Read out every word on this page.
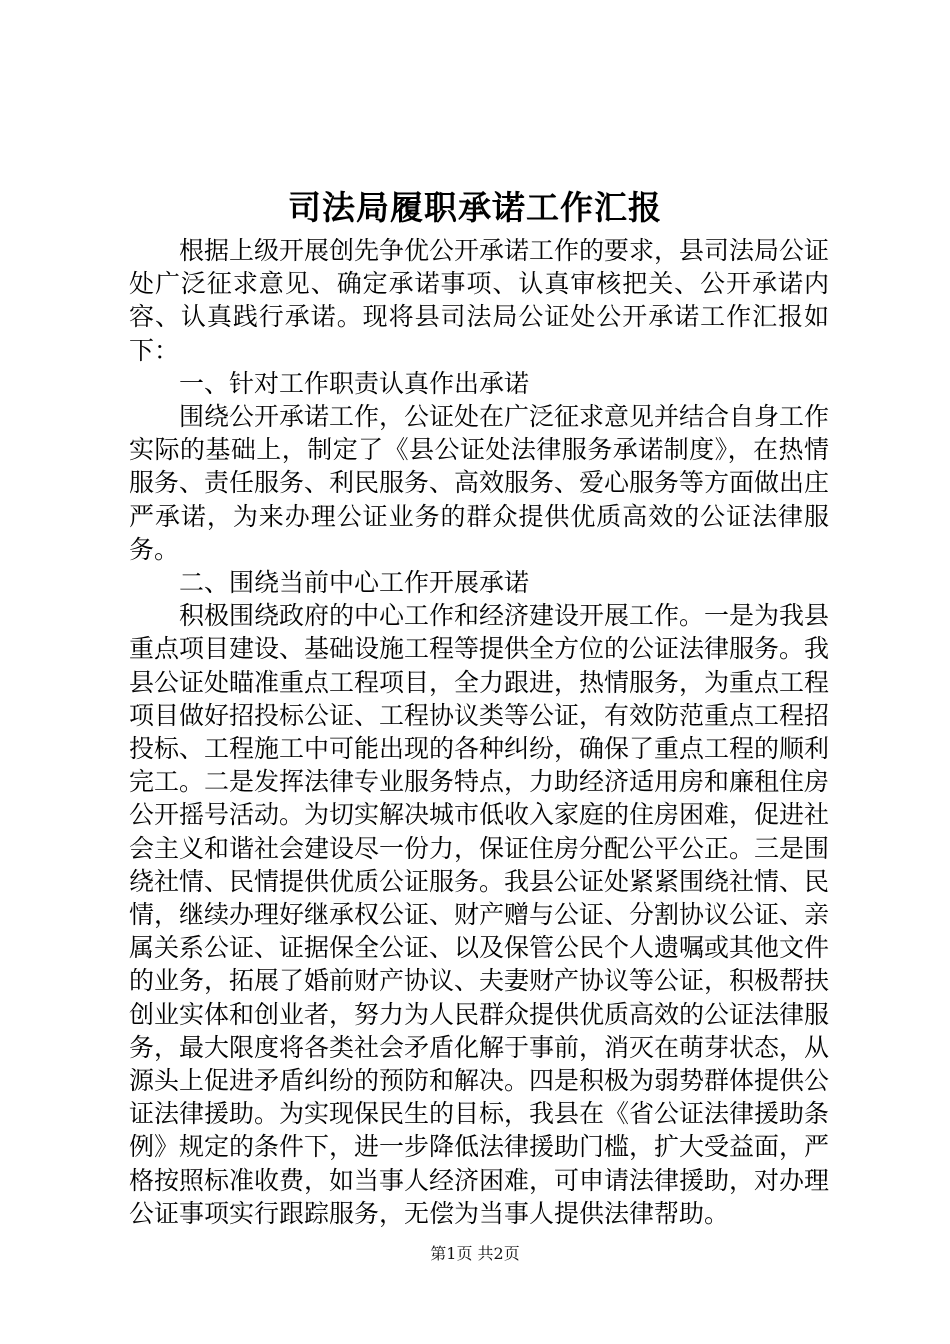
司法局履职承诺工作汇报

根据上级开展创先争优公开承诺工作的要求，县司法局公证处广泛征求意见、确定承诺事项、认真审核把关、公开承诺内容、认真践行承诺。现将县司法局公证处公开承诺工作汇报如下：

一、针对工作职责认真作出承诺

围绕公开承诺工作，公证处在广泛征求意见并结合自身工作实际的基础上，制定了《县公证处法律服务承诺制度》，在热情服务、责任服务、利民服务、高效服务、爱心服务等方面做出庄严承诺，为来办理公证业务的群众提供优质高效的公证法律服务。

二、围绕当前中心工作开展承诺

积极围绕政府的中心工作和经济建设开展工作。一是为我县重点项目建设、基础设施工程等提供全方位的公证法律服务。我县公证处瞄准重点工程项目，全力跟进，热情服务，为重点工程项目做好招投标公证、工程协议类等公证，有效防范重点工程招投标、工程施工中可能出现的各种纠纷，确保了重点工程的顺利完工。二是发挥法律专业服务特点，力助经济适用房和廉租住房公开摇号活动。为切实解决城市低收入家庭的住房困难，促进社会主义和谐社会建设尽一份力，保证住房分配公平公正。三是围绕社情、民情提供优质公证服务。我县公证处紧紧围绕社情、民情，继续办理好继承权公证、财产赠与公证、分割协议公证、亲属关系公证、证据保全公证、以及保管公民个人遗嘱或其他文件的业务，拓展了婚前财产协议、夫妻财产协议等公证，积极帮扶创业实体和创业者，努力为人民群众提供优质高效的公证法律服务，最大限度将各类社会矛盾化解于事前，消灭在萌芽状态，从源头上促进矛盾纠纷的预防和解决。四是积极为弱势群体提供公证法律援助。为实现保民生的目标，我县在《省公证法律援助条例》规定的条件下，进一步降低法律援助门槛，扩大受益面，严格按照标准收费，如当事人经济困难，可申请法律援助，对办理公证事项实行跟踪服务，无偿为当事人提供法律帮助。

第1页 共2页
